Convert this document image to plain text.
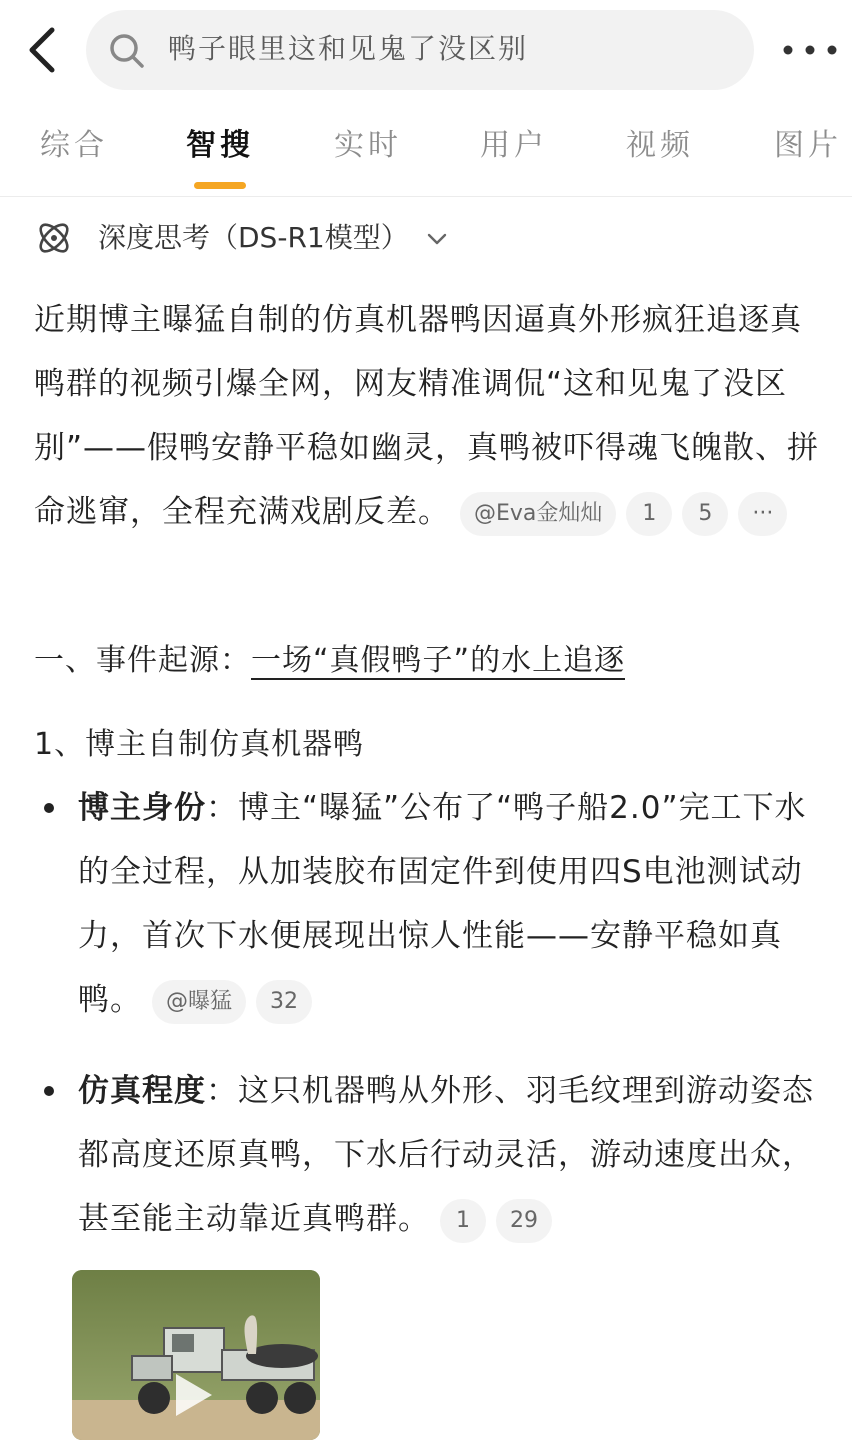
鸭子眼里这和见鬼了没区别
综合	智搜	实时	用户	视频	图片
深度思考（DS-R1模型）
近期博主曝猛自制的仿真机器鸭因逼真外形疯狂追逐真鸭群的视频引爆全网，网友精准调侃“这和见鬼了没区别”——假鸭安静平稳如幽灵，真鸭被吓得魂飞魄散、拼命逃窜，全程充满戏剧反差。 @Eva金灿灿 1 5 ···
一、事件起源：一场“真假鸭子”的水上追逐
1、博主自制仿真机器鸭
博主身份：博主“曝猛”公布了“鸭子船2.0”完工下水的全过程，从加装胶布固定件到使用四S电池测试动力，首次下水便展现出惊人性能——安静平稳如真鸭。 @曝猛 32
仿真程度：这只机器鸭从外形、羽毛纹理到游动姿态都高度还原真鸭，下水后行动灵活，游动速度出众，甚至能主动靠近真鸭群。 1 29
